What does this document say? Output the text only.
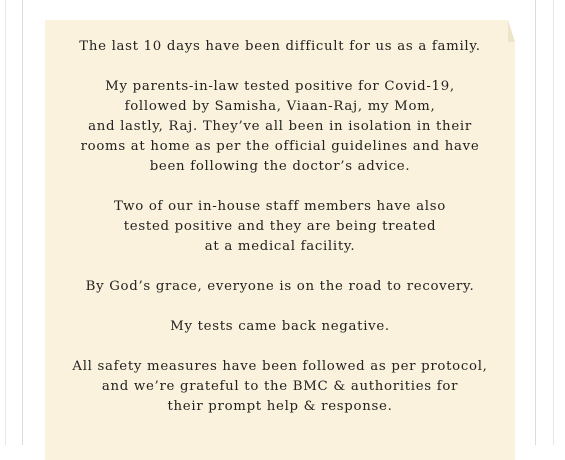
The last 10 days have been difficult for us as a family.
My parents-in-law tested positive for Covid-19,
followed by Samisha, Viaan-Raj, my Mom,
and lastly, Raj. They’ve all been in isolation in their
rooms at home as per the official guidelines and have
been following the doctor’s advice.
Two of our in-house staff members have also
tested positive and they are being treated
at a medical facility.
By God’s grace, everyone is on the road to recovery.
My tests came back negative.
All safety measures have been followed as per protocol,
and we’re grateful to the BMC & authorities for
their prompt help & response.
